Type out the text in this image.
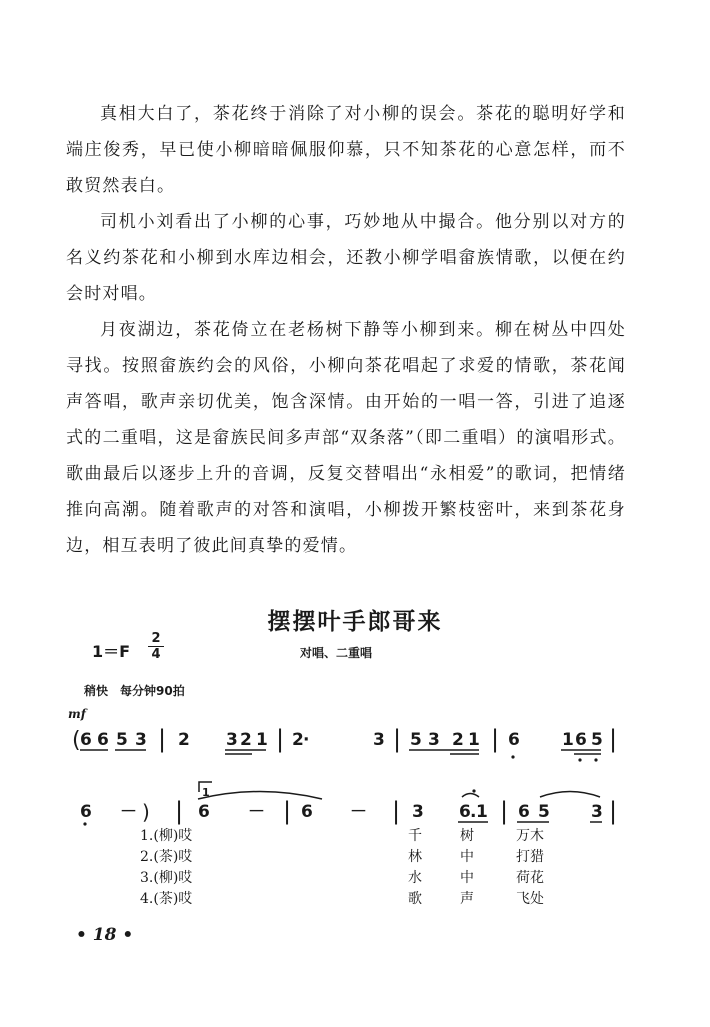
真相大白了，茶花终于消除了对小柳的误会。茶花的聪明好学和端庄俊秀，早已使小柳暗暗佩服仰慕，只不知茶花的心意怎样，而不敢贸然表白。

司机小刘看出了小柳的心事，巧妙地从中撮合。他分别以对方的名义约茶花和小柳到水库边相会，还教小柳学唱畲族情歌，以便在约会时对唱。

月夜湖边，茶花倚立在老杨树下静等小柳到来。柳在树丛中四处寻找。按照畲族约会的风俗，小柳向茶花唱起了求爱的情歌，茶花闻声答唱，歌声亲切优美，饱含深情。由开始的一唱一答，引进了追逐式的二重唱，这是畲族民间多声部“双条落”（即二重唱）的演唱形式。歌曲最后以逐步上升的音调，反复交替唱出“永相爱”的歌词，把情绪推向高潮。随着歌声的对答和演唱，小柳拨开繁枝密叶，来到茶花身边，相互表明了彼此间真挚的爱情。

摆摆叶手郎哥来
1＝F
2
4	对唱、二重唱
稍快　每分钟90拍
mf
( 6 6 5 3 | 2 3 2 1 | 2 ·	3 | 5 3 2 1 | 6 1 6 5 |
6 － ) | 6 － | 6 － | 3 6 . 1 | 6 5 3 |
1
1.(柳)哎
2.(茶)哎
3.(柳)哎
4.(茶)哎
千
林
水
歌
树
中
中
声
万木
打猎
荷花
飞处
• 18 •
